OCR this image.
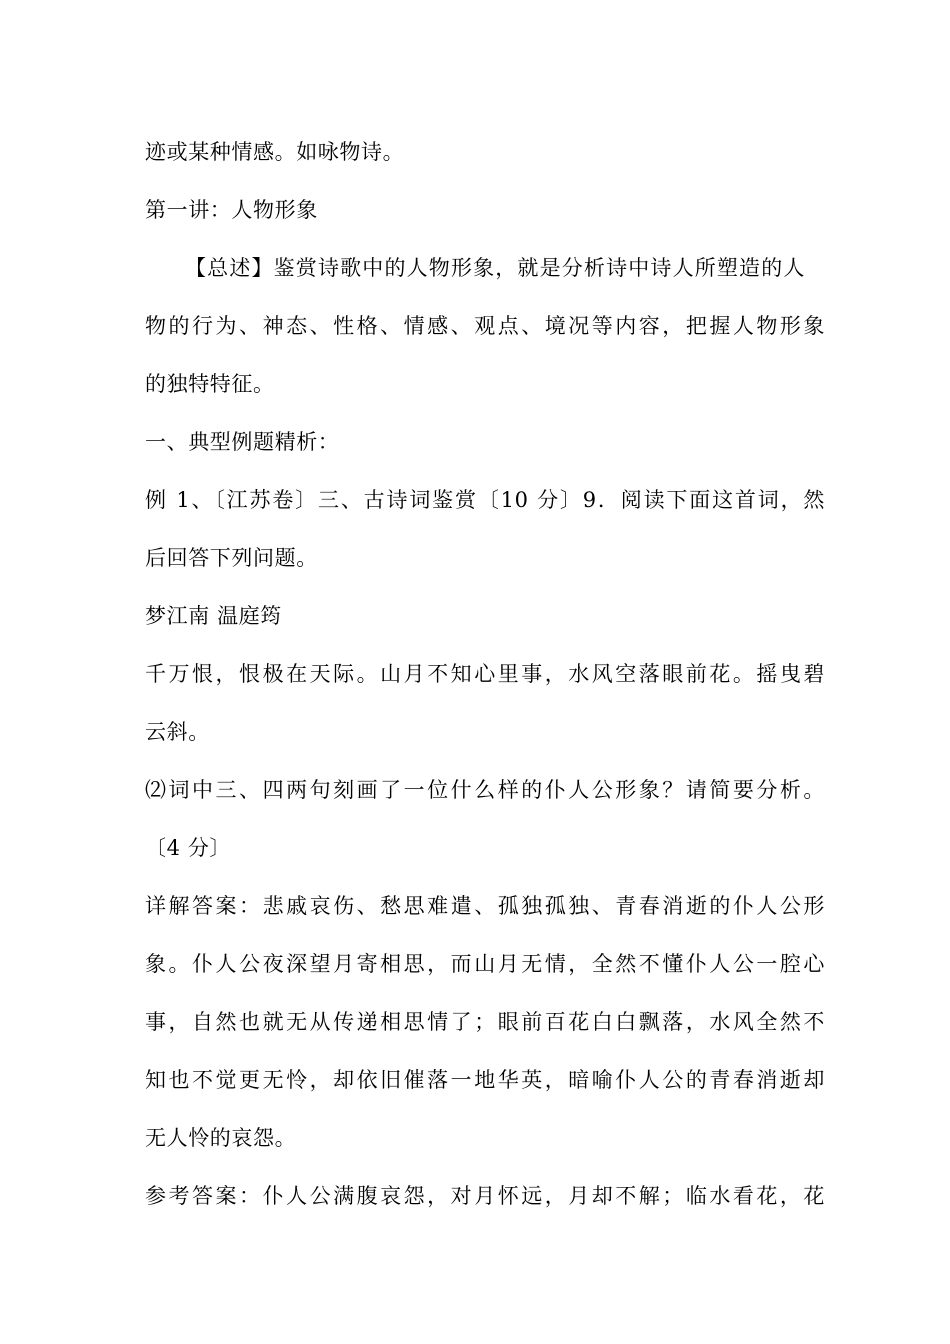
迹或某种情感。如咏物诗。
第一讲：人物形象
【总述】鉴赏诗歌中的人物形象，就是分析诗中诗人所塑造的人
物的行为、神态、性格、情感、观点、境况等内容，把握人物形象
的独特特征。
一、典型例题精析：
例 1、〔江苏卷〕三、古诗词鉴赏〔10 分〕9．阅读下面这首词，然
后回答下列问题。
梦江南 温庭筠
千万恨，恨极在天际。山月不知心里事，水风空落眼前花。摇曳碧
云斜。
⑵词中三、四两句刻画了一位什么样的仆人公形象？请简要分析。
〔4 分〕
详解答案：悲戚哀伤、愁思难遣、孤独孤独、青春消逝的仆人公形
象。仆人公夜深望月寄相思，而山月无情，全然不懂仆人公一腔心
事，自然也就无从传递相思情了；眼前百花白白飘落，水风全然不
知也不觉更无怜，却依旧催落一地华英，暗喻仆人公的青春消逝却
无人怜的哀怨。
参考答案：仆人公满腹哀怨，对月怀远，月却不解；临水看花，花
